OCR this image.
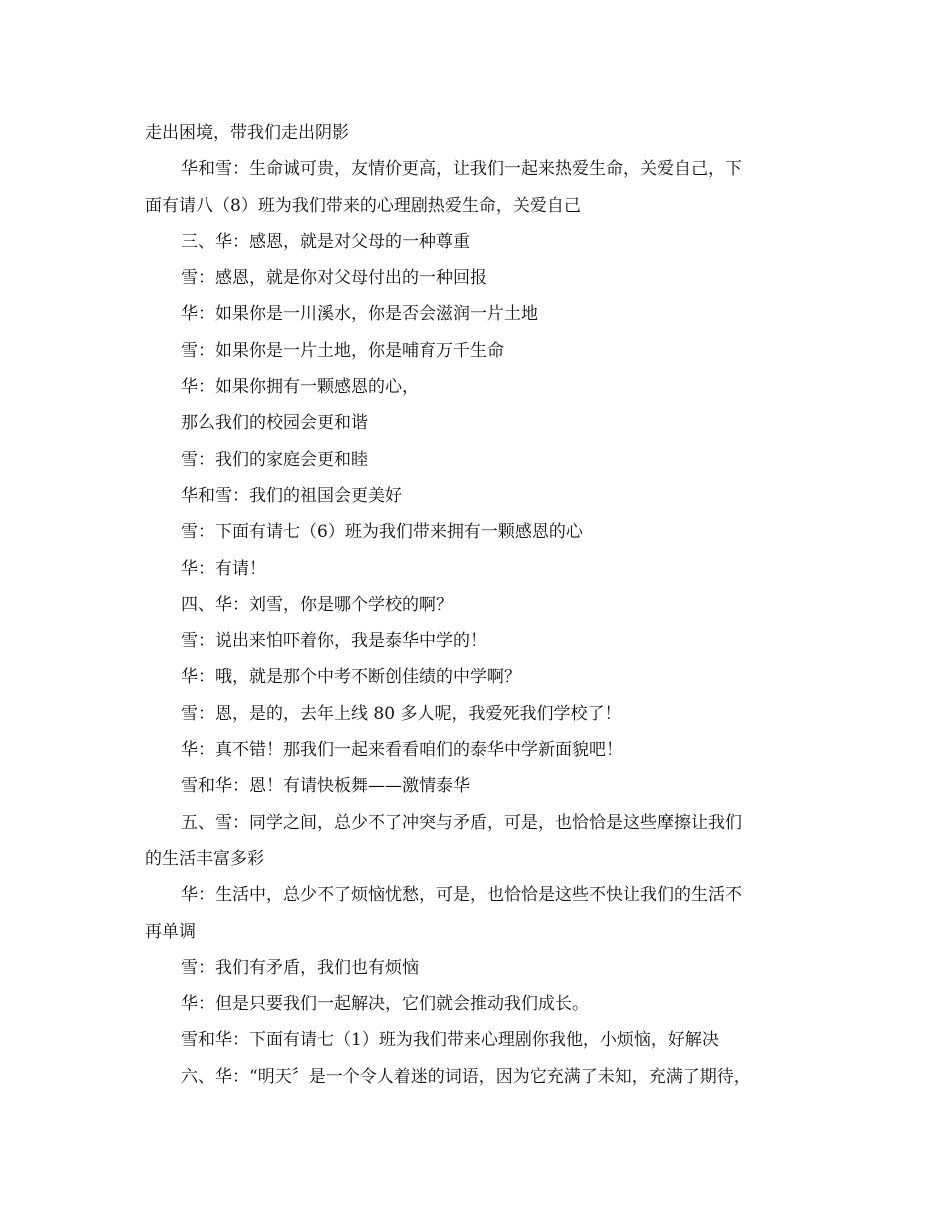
走出困境，带我们走出阴影
华和雪：生命诚可贵，友情价更高，让我们一起来热爱生命，关爱自己，下
面有请八（8）班为我们带来的心理剧热爱生命，关爱自己
三、华：感恩，就是对父母的一种尊重
雪：感恩，就是你对父母付出的一种回报
华：如果你是一川溪水，你是否会滋润一片土地
雪：如果你是一片土地，你是哺育万千生命
华：如果你拥有一颗感恩的心，
那么我们的校园会更和谐
雪：我们的家庭会更和睦
华和雪：我们的祖国会更美好
雪：下面有请七（6）班为我们带来拥有一颗感恩的心
华：有请！
四、华：刘雪，你是哪个学校的啊？
雪：说出来怕吓着你，我是泰华中学的！
华：哦，就是那个中考不断创佳绩的中学啊？
雪：恩，是的，去年上线 80 多人呢，我爱死我们学校了！
华：真不错！那我们一起来看看咱们的泰华中学新面貌吧！
雪和华：恩！有请快板舞——激情泰华
五、雪：同学之间，总少不了冲突与矛盾，可是，也恰恰是这些摩擦让我们
的生活丰富多彩
华：生活中，总少不了烦恼忧愁，可是，也恰恰是这些不快让我们的生活不
再单调
雪：我们有矛盾，我们也有烦恼
华：但是只要我们一起解决，它们就会推动我们成长。
雪和华：下面有请七（1）班为我们带来心理剧你我他，小烦恼，好解决
六、华：“明天〞是一个令人着迷的词语，因为它充满了未知，充满了期待，
